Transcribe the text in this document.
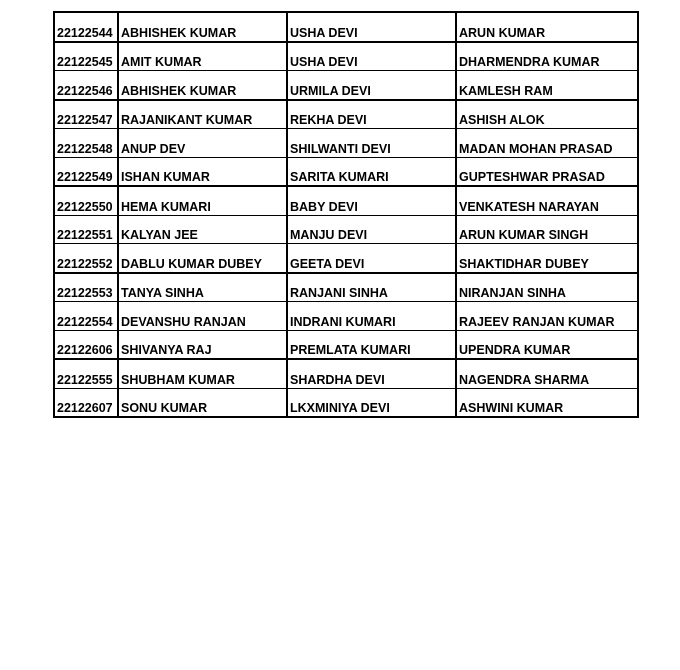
22122544	ABHISHEK KUMAR	USHA DEVI	ARUN KUMAR
22122545	AMIT KUMAR	USHA DEVI	DHARMENDRA KUMAR
22122546	ABHISHEK KUMAR	URMILA DEVI	KAMLESH RAM
22122547	RAJANIKANT KUMAR	REKHA DEVI	ASHISH ALOK
22122548	ANUP DEV	SHILWANTI DEVI	MADAN MOHAN PRASAD
22122549	ISHAN KUMAR	SARITA KUMARI	GUPTESHWAR PRASAD
22122550	HEMA KUMARI	BABY DEVI	VENKATESH NARAYAN
22122551	KALYAN JEE	MANJU DEVI	ARUN KUMAR SINGH
22122552	DABLU KUMAR DUBEY	GEETA DEVI	SHAKTIDHAR DUBEY
22122553	TANYA SINHA	RANJANI SINHA	NIRANJAN SINHA
22122554	DEVANSHU RANJAN	INDRANI KUMARI	RAJEEV RANJAN KUMAR
22122606	SHIVANYA RAJ	PREMLATA KUMARI	UPENDRA KUMAR
22122555	SHUBHAM KUMAR	SHARDHA DEVI	NAGENDRA SHARMA
22122607	SONU KUMAR	LKXMINIYA DEVI	ASHWINI KUMAR
